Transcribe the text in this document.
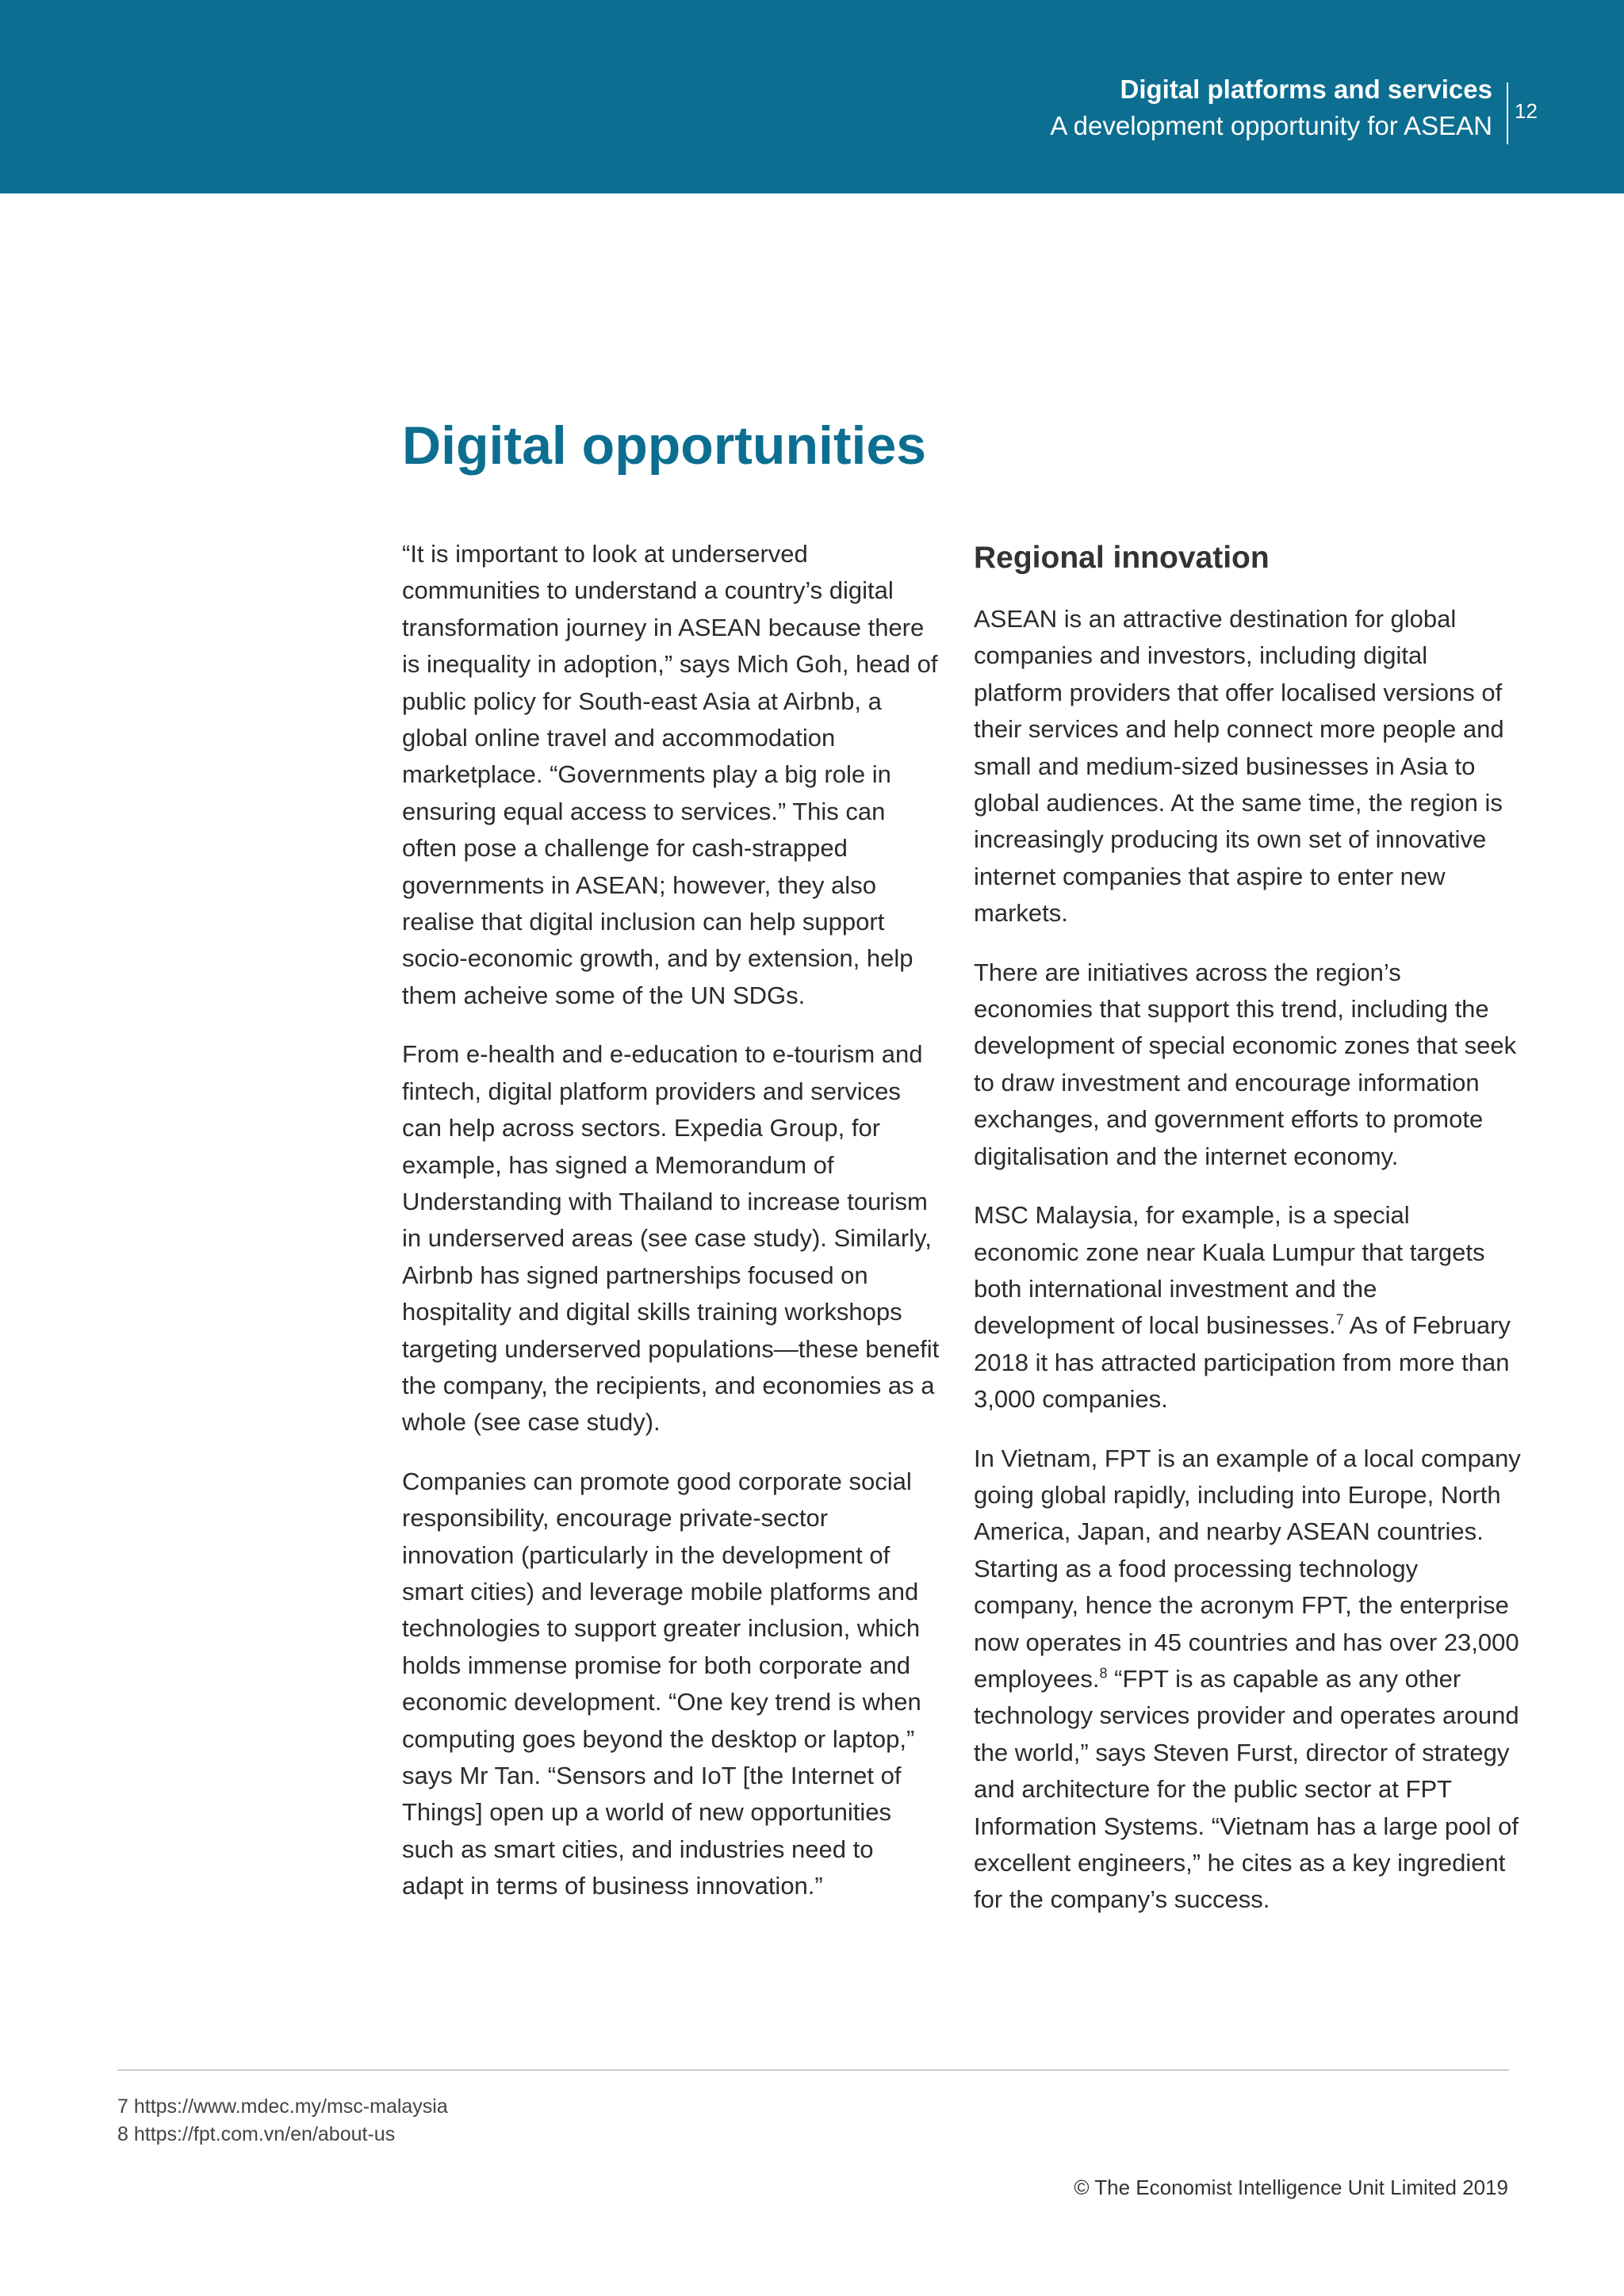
Digital platforms and services
A development opportunity for ASEAN 12
Digital opportunities

“It is important to look at underserved communities to understand a country’s digital transformation journey in ASEAN because there is inequality in adoption,” says Mich Goh, head of public policy for South-east Asia at Airbnb, a global online travel and accommodation marketplace. “Governments play a big role in ensuring equal access to services.” This can often pose a challenge for cash-strapped governments in ASEAN; however, they also realise that digital inclusion can help support socio-economic growth, and by extension, help them acheive some of the UN SDGs.

From e-health and e-education to e-tourism and fintech, digital platform providers and services can help across sectors. Expedia Group, for example, has signed a Memorandum of Understanding with Thailand to increase tourism in underserved areas (see case study). Similarly, Airbnb has signed partnerships focused on hospitality and digital skills training workshops targeting underserved populations—these benefit the company, the recipients, and economies as a whole (see case study).

Companies can promote good corporate social responsibility, encourage private-sector innovation (particularly in the development of smart cities) and leverage mobile platforms and technologies to support greater inclusion, which holds immense promise for both corporate and economic development. “One key trend is when computing goes beyond the desktop or laptop,” says Mr Tan. “Sensors and IoT [the Internet of Things] open up a world of new opportunities such as smart cities, and industries need to adapt in terms of business innovation.”

Regional innovation

ASEAN is an attractive destination for global companies and investors, including digital platform providers that offer localised versions of their services and help connect more people and small and medium-sized businesses in Asia to global audiences. At the same time, the region is increasingly producing its own set of innovative internet companies that aspire to enter new markets.

There are initiatives across the region’s economies that support this trend, including the development of special economic zones that seek to draw investment and encourage information exchanges, and government efforts to promote digitalisation and the internet economy.

MSC Malaysia, for example, is a special economic zone near Kuala Lumpur that targets both international investment and the development of local businesses.$^7$ As of February 2018 it has attracted participation from more than 3,000 companies.

In Vietnam, FPT is an example of a local company going global rapidly, including into Europe, North America, Japan, and nearby ASEAN countries. Starting as a food processing technology company, hence the acronym FPT, the enterprise now operates in 45 countries and has over 23,000 employees.$^8$ “FPT is as capable as any other technology services provider and operates around the world,” says Steven Furst, director of strategy and architecture for the public sector at FPT Information Systems. “Vietnam has a large pool of excellent engineers,” he cites as a key ingredient for the company’s success.

7 https://www.mdec.my/msc-malaysia
8 https://fpt.com.vn/en/about-us
© The Economist Intelligence Unit Limited 2019
